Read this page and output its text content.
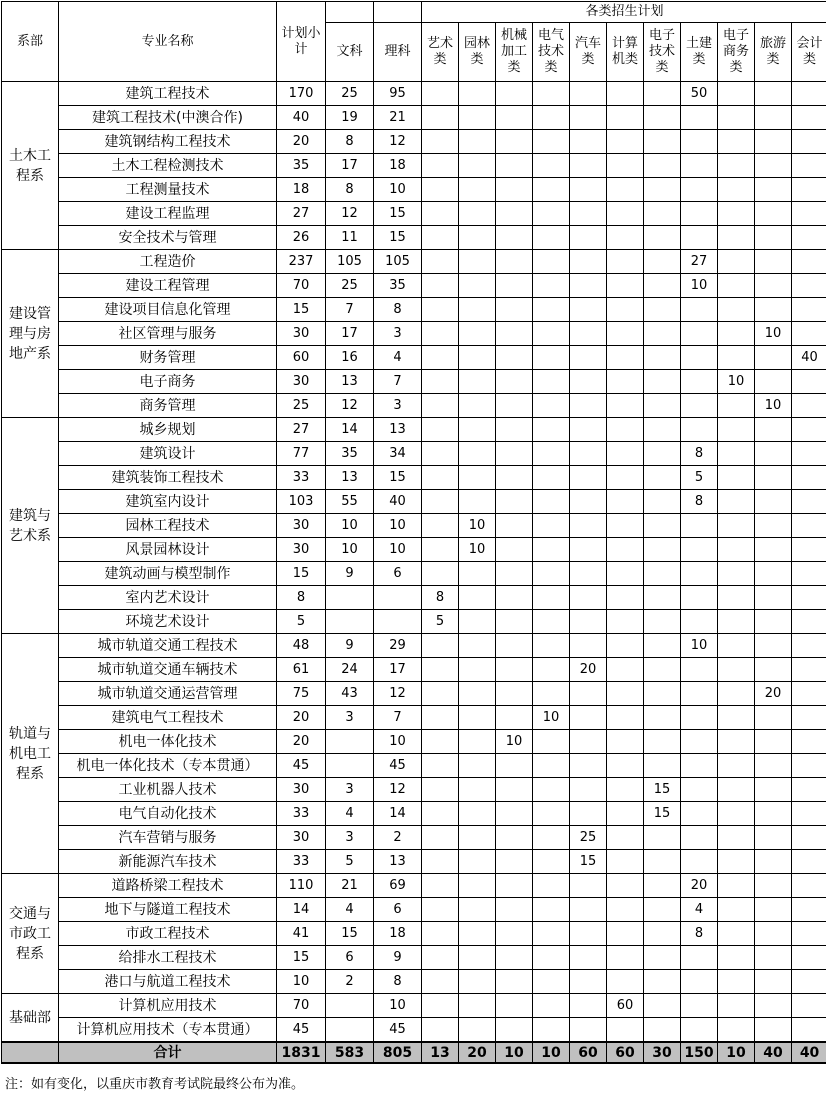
系部	专业名称	计划小计			各类招生计划										
			文科	理科	艺术类	园林类	机械加工类	电气技术类	汽车类	计算机类	电子技术类	土建类	电子商务类	旅游类	会计类
土木工程系	建筑工程技术	170	25	95								50			
	建筑工程技术(中澳合作)	40	19	21											
	建筑钢结构工程技术	20	8	12											
	土木工程检测技术	35	17	18											
	工程测量技术	18	8	10											
	建设工程监理	27	12	15											
	安全技术与管理	26	11	15											
建设管理与房地产系	工程造价	237	105	105								27			
	建设工程管理	70	25	35								10			
	建设项目信息化管理	15	7	8											
	社区管理与服务	30	17	3										10	
	财务管理	60	16	4											40
	电子商务	30	13	7									10		
	商务管理	25	12	3										10	
建筑与艺术系	城乡规划	27	14	13											
	建筑设计	77	35	34								8			
	建筑装饰工程技术	33	13	15								5			
	建筑室内设计	103	55	40								8			
	园林工程技术	30	10	10		10									
	风景园林设计	30	10	10		10									
	建筑动画与模型制作	15	9	6											
	室内艺术设计	8			8										
	环境艺术设计	5			5										
轨道与机电工程系	城市轨道交通工程技术	48	9	29								10			
	城市轨道交通车辆技术	61	24	17					20						
	城市轨道交通运营管理	75	43	12										20	
	建筑电气工程技术	20	3	7				10							
	机电一体化技术	20		10			10								
	机电一体化技术（专本贯通）	45		45											
	工业机器人技术	30	3	12							15				
	电气自动化技术	33	4	14							15				
	汽车营销与服务	30	3	2					25						
	新能源汽车技术	33	5	13					15						
交通与市政工程系	道路桥梁工程技术	110	21	69								20			
	地下与隧道工程技术	14	4	6								4			
	市政工程技术	41	15	18								8			
	给排水工程技术	15	6	9											
	港口与航道工程技术	10	2	8											
基础部	计算机应用技术	70		10						60					
	计算机应用技术（专本贯通）	45		45											
	合计	1831	583	805	13	20	10	10	60	60	30	150	10	40	40
注：如有变化，以重庆市教育考试院最终公布为准。
